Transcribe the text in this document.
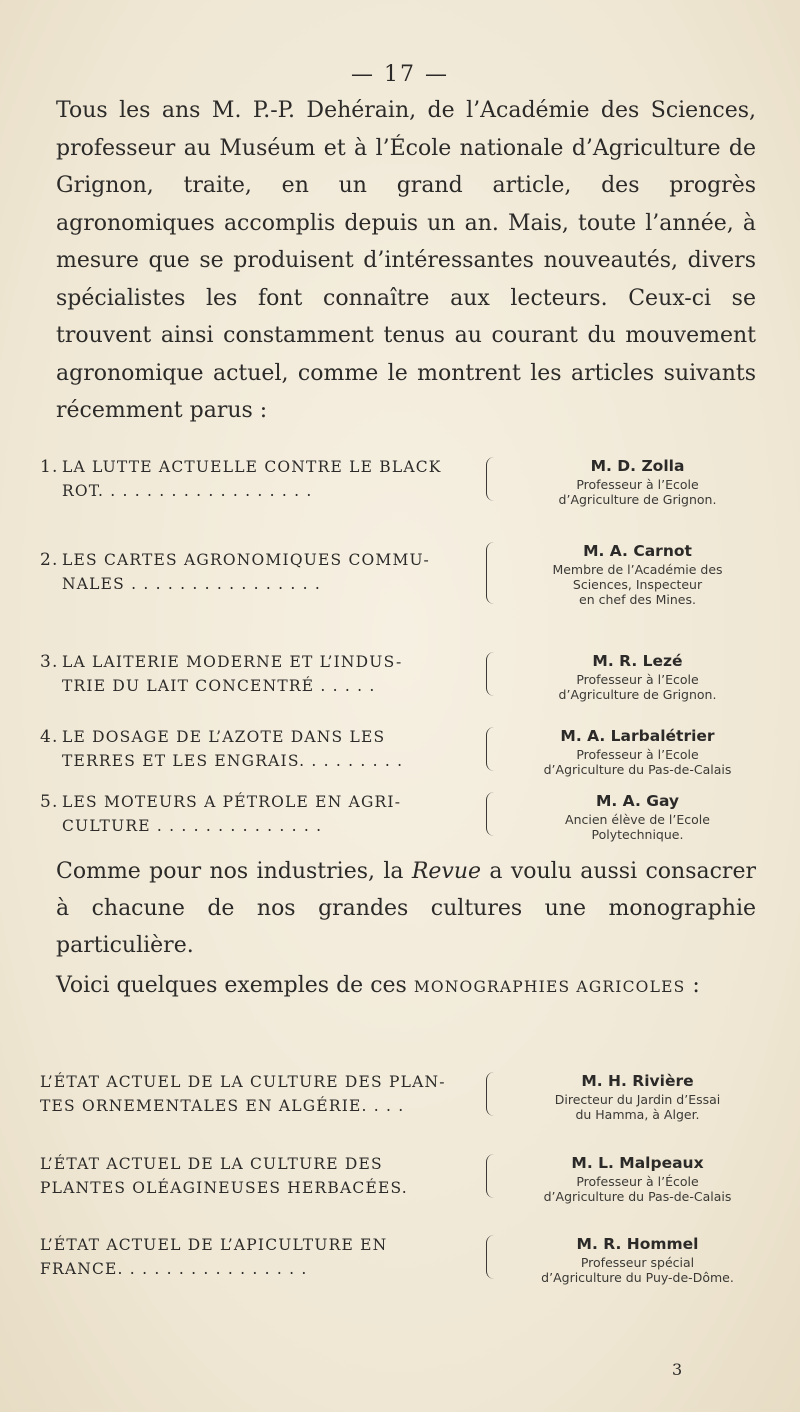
— 17 —
Tous les ans M. P.-P. Dehérain, de l’Académie des Sciences, professeur au Muséum et à l’École nationale d’Agriculture de Grignon, traite, en un grand article, des progrès agronomiques accomplis depuis un an. Mais, toute l’année, à mesure que se produisent d’intéressantes nouveautés, divers spécialistes les font connaître aux lecteurs. Ceux-ci se trouvent ainsi constamment tenus au courant du mouvement agronomique actuel, comme le montrent les articles suivants récemment parus :
1. LA LUTTE ACTUELLE CONTRE LE BLACK
ROT. . . . . . . . . . . . . . . . . .
M. D. Zolla
Professeur à l’Ecole
d’Agriculture de Grignon.
2. LES CARTES AGRONOMIQUES COMMU-
NALES . . . . . . . . . . . . . . . .
M. A. Carnot
Membre de l’Académie des
Sciences, Inspecteur
en chef des Mines.
3. LA LAITERIE MODERNE ET L’INDUS-
TRIE DU LAIT CONCENTRÉ . . . . .
M. R. Lezé
Professeur à l’Ecole
d’Agriculture de Grignon.
4. LE DOSAGE DE L’AZOTE DANS LES
TERRES ET LES ENGRAIS. . . . . . . . .
M. A. Larbalétrier
Professeur à l’Ecole
d’Agriculture du Pas-de-Calais
5. LES MOTEURS A PÉTROLE EN AGRI-
CULTURE . . . . . . . . . . . . . .
M. A. Gay
Ancien élève de l’Ecole
Polytechnique.
Comme pour nos industries, la Revue a voulu aussi consacrer à chacune de nos grandes cultures une monographie particulière.
Voici quelques exemples de ces MONOGRAPHIES AGRICOLES :
L’ÉTAT ACTUEL DE LA CULTURE DES PLAN-
TES ORNEMENTALES EN ALGÉRIE. . . .
M. H. Rivière
Directeur du Jardin d’Essai
du Hamma, à Alger.
L’ÉTAT ACTUEL DE LA CULTURE DES
PLANTES OLÉAGINEUSES HERBACÉES.
M. L. Malpeaux
Professeur à l’École
d’Agriculture du Pas-de-Calais
L’ÉTAT ACTUEL DE L’APICULTURE EN
FRANCE. . . . . . . . . . . . . . . .
M. R. Hommel
Professeur spécial
d’Agriculture du Puy-de-Dôme.
3
